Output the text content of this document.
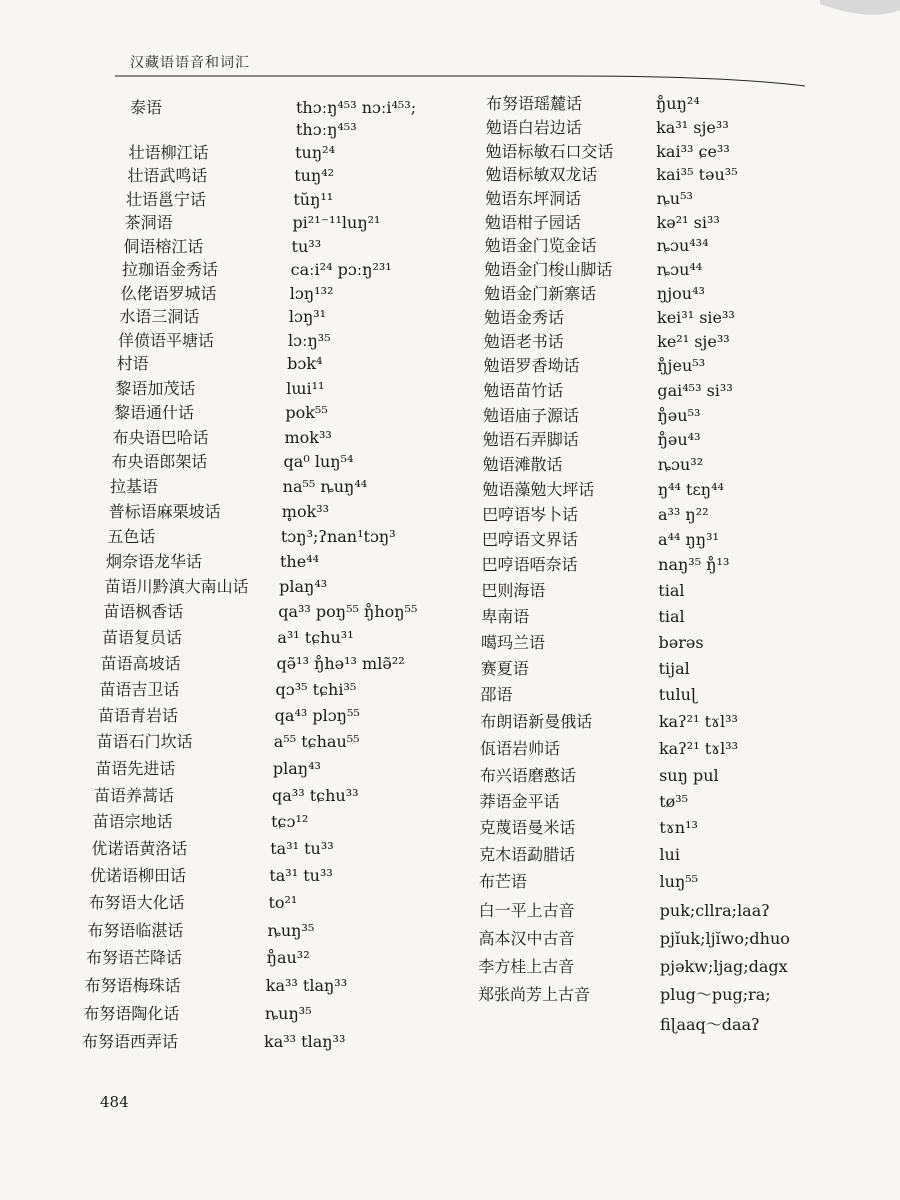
汉藏语语音和词汇
泰语	thɔːŋ⁴⁵³ nɔːi⁴⁵³;
thɔːŋ⁴⁵³
壮语柳江话	tuŋ²⁴
壮语武鸣话	tuŋ⁴²
壮语邕宁话	tŭŋ¹¹
茶洞语	pi²¹⁻¹¹luŋ²¹
侗语榕江话	tu³³
拉珈语金秀话	caːi²⁴ pɔːŋ²³¹
仫佬语罗城话	lɔŋ¹³²
水语三洞话	lɔŋ³¹
佯偾语平塘话	lɔːŋ³⁵
村语	bɔk⁴
黎语加茂话	lɯi¹¹
黎语通什话	pok⁵⁵
布央语巴哈话	mok³³
布央语郎架话	qa⁰ luŋ⁵⁴
拉基语	na⁵⁵ ȵuŋ⁴⁴
普标语麻栗坡话	m̥ok³³
五色话	tɔŋ³;ʔnan¹tɔŋ³
炯奈语龙华话	the⁴⁴
苗语川黔滇大南山话 plaŋ⁴³
苗语枫香话	qa³³ poŋ⁵⁵ ŋ̊hoŋ⁵⁵
苗语复员话	a³¹ tɕhu³¹
苗语高坡话	qə̃¹³ ŋ̊hə¹³ mlə̃²²
苗语吉卫话	qɔ³⁵ tɕhi³⁵
苗语青岩话	qa⁴³ plɔŋ⁵⁵
苗语石门坎话	a⁵⁵ tɕhau⁵⁵
苗语先进话	plaŋ⁴³
苗语养蒿话	qa³³ tɕhu³³
苗语宗地话	tɕɔ¹²
优诺语黄洛话	ta³¹ tu³³
优诺语柳田话	ta³¹ tu³³
布努语大化话	to²¹
布努语临湛话	ȵuŋ³⁵
布努语芒降话	ŋ̊au³²
布努语梅珠话	ka³³ tlaŋ³³
布努语陶化话	ȵuŋ³⁵
布努语西弄话	ka³³ tlaŋ³³
布努语瑶麓话	ŋ̊uŋ²⁴
勉语白岩边话	ka³¹ sje³³
勉语标敏石口交话	kai³³ ɕe³³
勉语标敏双龙话	kai³⁵ təu³⁵
勉语东坪洞话	ȵu⁵³
勉语柑子园话	kə²¹ si³³
勉语金门览金话	ȵɔu⁴³⁴
勉语金门梭山脚话	ȵɔu⁴⁴
勉语金门新寨话	ŋjou⁴³
勉语金秀话	kei³¹ sie³³
勉语老书话	ke²¹ sje³³
勉语罗香坳话	ŋ̊jeu⁵³
勉语苗竹话	gai⁴⁵³ si³³
勉语庙子源话	ŋ̊əu⁵³
勉语石弄脚话	ŋ̊əu⁴³
勉语滩散话	ȵɔu³²
勉语藻勉大坪话	ŋ⁴⁴ tɛŋ⁴⁴
巴哼语岑卜话	a³³ ŋ²²
巴哼语文界话	a⁴⁴ ŋŋ³¹
巴哼语唔奈话	naŋ³⁵ ŋ̊¹³
巴则海语	tial
卑南语	tial
噶玛兰语	bərəs
赛夏语	tijal
邵语	tuluɭ
布朗语新曼俄话	kaʔ²¹ tɤl³³
佤语岩帅话	kaʔ²¹ tɤl³³
布兴语磨憨话	suŋ pul
莽语金平话	tø³⁵
克蔑语曼米话	tɤn¹³
克木语勐腊话	lui
布芒语	luŋ⁵⁵
白一平上古音	puk;cllra;laaʔ
高本汉中古音	pjĭuk;ljĭwo;dhuo
李方桂上古音	pjəkw;ljag;dagx
郑张尚芳上古音	plug～pug;ra;
fiɭaaq～daaʔ
484
